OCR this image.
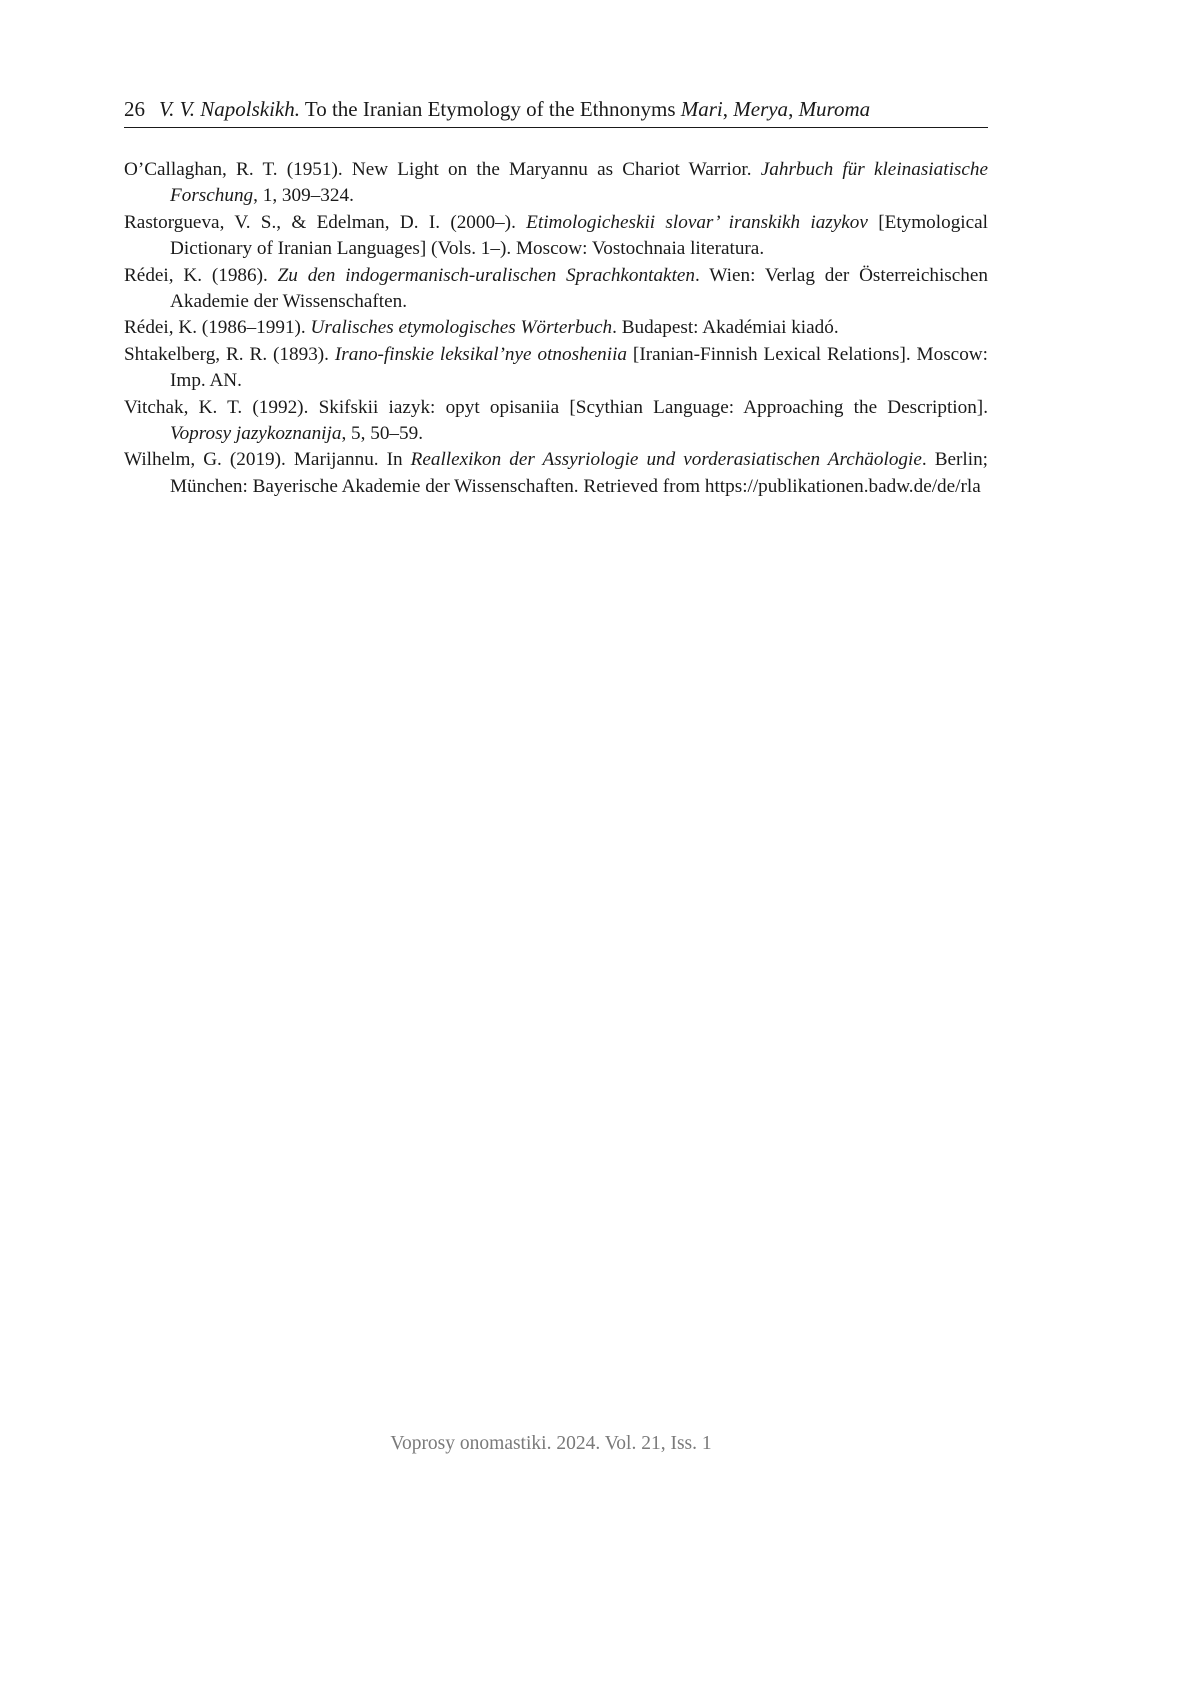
26 V. V. Napolskikh. To the Iranian Etymology of the Ethnonyms Mari, Merya, Muroma

O’Callaghan, R. T. (1951). New Light on the Maryannu as Chariot Warrior. Jahrbuch für kleinasiatische Forschung, 1, 309–324.

Rastorgueva, V. S., & Edelman, D. I. (2000–). Etimologicheskii slovar’ iranskikh iazykov [Etymological Dictionary of Iranian Languages] (Vols. 1–). Moscow: Vostochnaia literatura.

Rédei, K. (1986). Zu den indogermanisch-uralischen Sprachkontakten. Wien: Verlag der Österreichischen Akademie der Wissenschaften.

Rédei, K. (1986–1991). Uralisches etymologisches Wörterbuch. Budapest: Akadémiai kiadó.

Shtakelberg, R. R. (1893). Irano-finskie leksikal’nye otnosheniia [Iranian-Finnish Lexical Relations]. Moscow: Imp. AN.

Vitchak, K. T. (1992). Skifskii iazyk: opyt opisaniia [Scythian Language: Approaching the Description]. Voprosy jazykoznanija, 5, 50–59.

Wilhelm, G. (2019). Marijannu. In Reallexikon der Assyriologie und vorderasiatischen Archäologie. Berlin; München: Bayerische Akademie der Wissenschaften. Retrieved from https://publikationen.badw.de/de/rla

Voprosy onomastiki. 2024. Vol. 21, Iss. 1
